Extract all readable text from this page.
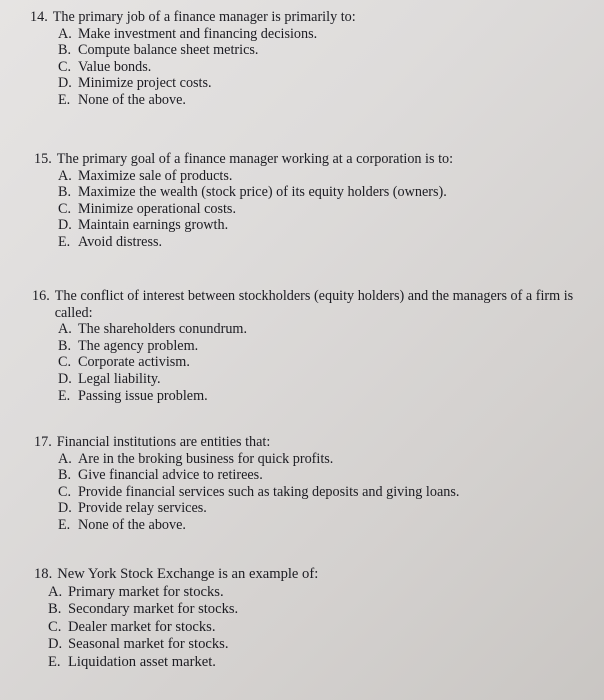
14. The primary job of a finance manager is primarily to:
A. Make investment and financing decisions.
B. Compute balance sheet metrics.
C. Value bonds.
D. Minimize project costs.
E. None of the above.
15. The primary goal of a finance manager working at a corporation is to:
A. Maximize sale of products.
B. Maximize the wealth (stock price) of its equity holders (owners).
C. Minimize operational costs.
D. Maintain earnings growth.
E. Avoid distress.
16. The conflict of interest between stockholders (equity holders) and the managers of a firm is called:
A. The shareholders conundrum.
B. The agency problem.
C. Corporate activism.
D. Legal liability.
E. Passing issue problem.
17. Financial institutions are entities that:
A. Are in the broking business for quick profits.
B. Give financial advice to retirees.
C. Provide financial services such as taking deposits and giving loans.
D. Provide relay services.
E. None of the above.
18. New York Stock Exchange is an example of:
A. Primary market for stocks.
B. Secondary market for stocks.
C. Dealer market for stocks.
D. Seasonal market for stocks.
E. Liquidation asset market.
